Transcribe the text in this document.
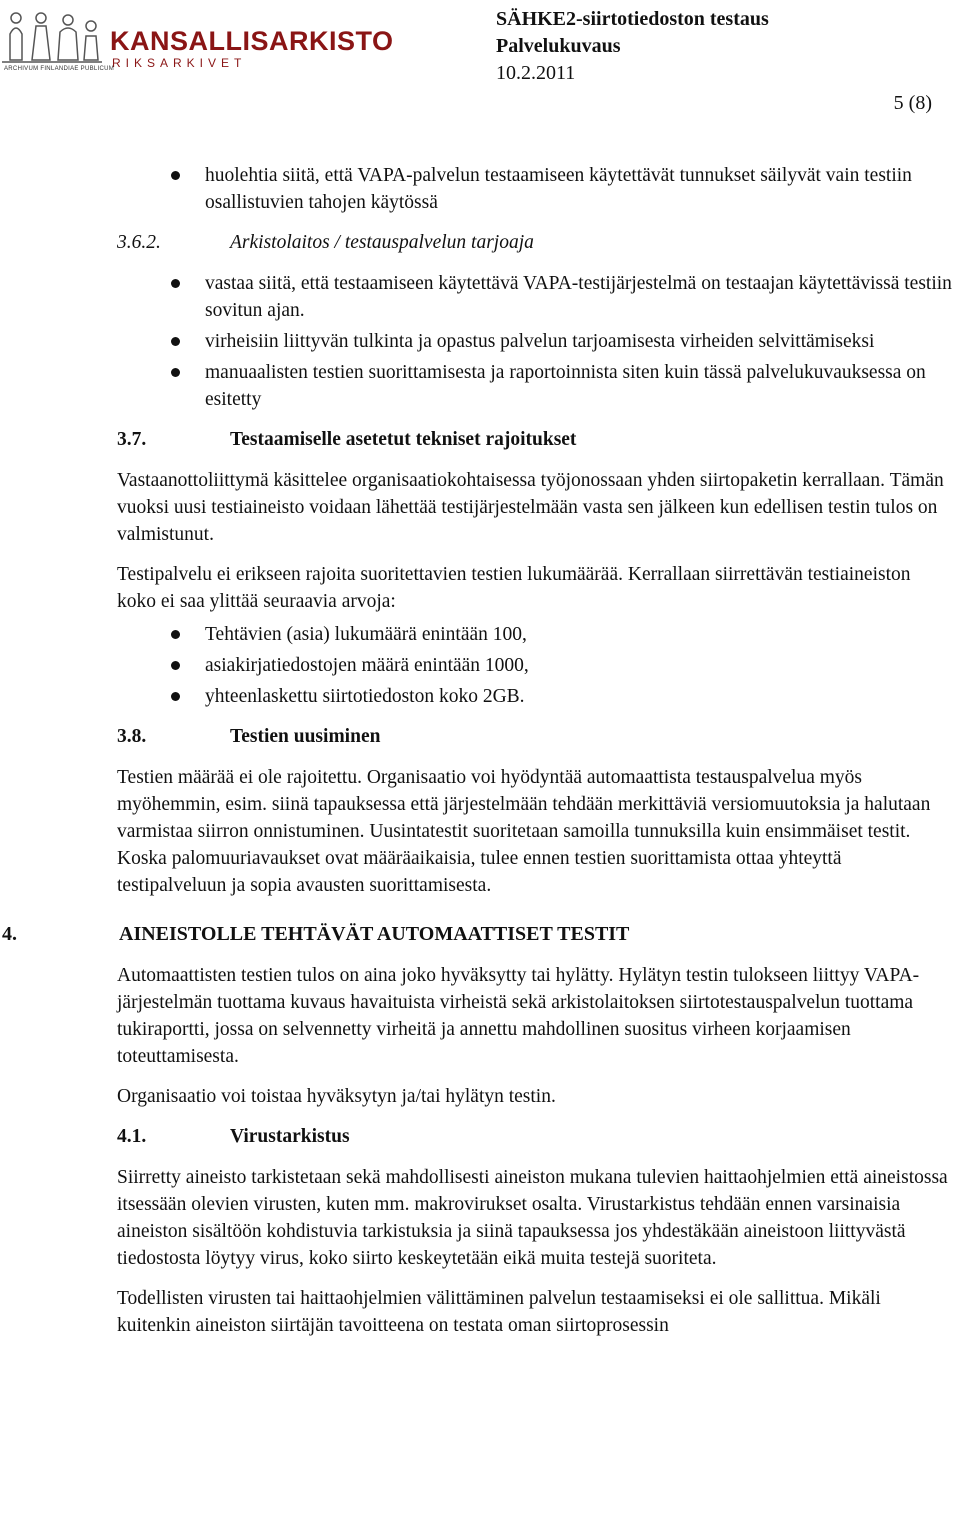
KANSALLISARKISTO
RIKSARKIVET
ARCHIVUM FINLANDIAE PUBLICUM
SÄHKE2-siirtotiedoston testaus
Palvelukuvaus
10.2.2011
5 (8)
huolehtia siitä, että VAPA-palvelun testaamiseen käytettävät tunnukset säilyvät vain testiin osallistuvien tahojen käytössä
3.6.2.	Arkistolaitos / testauspalvelun tarjoaja
vastaa siitä, että testaamiseen käytettävä VAPA-testijärjestelmä on testaajan käytettävissä testiin sovitun ajan.
virheisiin liittyvän tulkinta ja opastus palvelun tarjoamisesta virheiden selvittämiseksi
manuaalisten testien suorittamisesta ja raportoinnista siten kuin tässä palvelukuvauksessa on esitetty
3.7.	Testaamiselle asetetut tekniset rajoitukset

Vastaanottoliittymä käsittelee organisaatiokohtaisessa työjonossaan yhden siirtopaketin kerrallaan. Tämän vuoksi uusi testiaineisto voidaan lähettää testijärjestelmään vasta sen jälkeen kun edellisen testin tulos on valmistunut.

Testipalvelu ei erikseen rajoita suoritettavien testien lukumäärää. Kerrallaan siirrettävän testiaineiston koko ei saa ylittää seuraavia arvoja:

Tehtävien (asia) lukumäärä enintään 100,
asiakirjatiedostojen määrä enintään 1000,
yhteenlaskettu siirtotiedoston koko 2GB.
3.8.	Testien uusiminen

Testien määrää ei ole rajoitettu. Organisaatio voi hyödyntää automaattista testauspalvelua myös myöhemmin, esim. siinä tapauksessa että järjestelmään tehdään merkittäviä versiomuutoksia ja halutaan varmistaa siirron onnistuminen. Uusintatestit suoritetaan samoilla tunnuksilla kuin ensimmäiset testit. Koska palomuuriavaukset ovat määräaikaisia, tulee ennen testien suorittamista ottaa yhteyttä testipalveluun ja sopia avausten suorittamisesta.

4.	AINEISTOLLE TEHTÄVÄT AUTOMAATTISET TESTIT

Automaattisten testien tulos on aina joko hyväksytty tai hylätty. Hylätyn testin tulokseen liittyy VAPA-järjestelmän tuottama kuvaus havaituista virheistä sekä arkistolaitoksen siirtotestauspalvelun tuottama tukiraportti, jossa on selvennetty virheitä ja annettu mahdollinen suositus virheen korjaamisen toteuttamisesta.

Organisaatio voi toistaa hyväksytyn ja/tai hylätyn testin.

4.1.	Virustarkistus

Siirretty aineisto tarkistetaan sekä mahdollisesti aineiston mukana tulevien haittaohjelmien että aineistossa itsessään olevien virusten, kuten mm. makrovirukset osalta. Virustarkistus tehdään ennen varsinaisia aineiston sisältöön kohdistuvia tarkistuksia ja siinä tapauksessa jos yhdestäkään aineistoon liittyvästä tiedostosta löytyy virus, koko siirto keskeytetään eikä muita testejä suoriteta.

Todellisten virusten tai haittaohjelmien välittäminen palvelun testaamiseksi ei ole sallittua. Mikäli kuitenkin aineiston siirtäjän tavoitteena on testata oman siirtoprosessin
